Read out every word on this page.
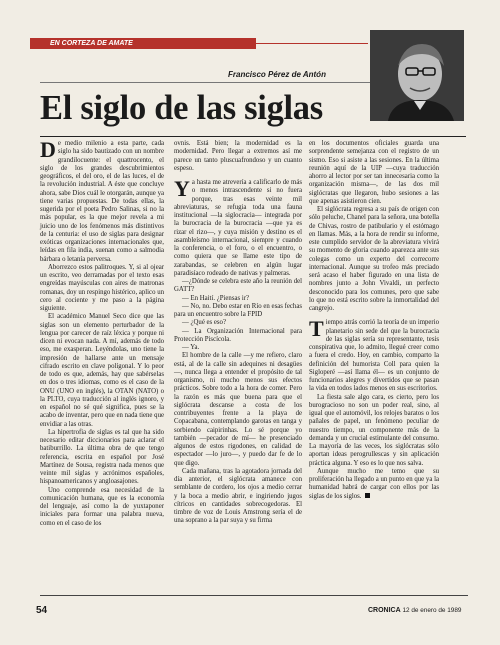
EN CORTEZA DE AMATE
Francisco Pérez de Antón
El siglo de las siglas

De medio milenio a esta parte, cada siglo ha sido bautizado con un nombre grandilocuente: el quattrocento, el siglo de los grandes descubrimientos geográficos, el del oro, el de las luces, el de la revolución industrial. A éste que concluye ahora, sabe Dios cuál le otorgarán, aunque ya tiene varias propuestas. De todas ellas, la sugerida por el poeta Pedro Salinas, si no la más popular, es la que mejor revela a mi juicio uno de los fenómenos más distintivos de la centuria: el uso de siglas para designar exóticas organizaciones internacionales que, leídas en fila india, suenan como a salmodia bárbara o letanía perversa.

Aborrezco estos palitroques. Y, si al ojear un escrito, veo derramadas por el texto esas engreídas mayúsculas con aires de matronas romanas, doy un respingo histérico, aplico un cero al cociente y me paso a la página siguiente.

El académico Manuel Seco dice que las siglas son un elemento perturbador de la lengua por carecer de raíz léxica y porque ni dicen ni evocan nada. A mí, además de todo eso, me exasperan. Leyéndolas, uno tiene la impresión de hallarse ante un mensaje cifrado escrito en clave polígonal. Y lo peor de todo es que, además, hay que sabérselas en dos o tres idiomas, como es el caso de la ONU (UNO en inglés), la OTAN (NATO) o la PLTO, cuya traducción al inglés ignoro, y en español no sé qué significa, pues se la acabo de inventar, pero que en nada tiene que envidiar a las otras.

La hipertrofia de siglas es tal que ha sido necesario editar diccionarios para aclarar el batiburrillo. La última obra de que tengo referencia, escrita en español por José Martínez de Sousa, registra nada menos que veinte mil siglas y acrónimos españoles, hispanoamericanos y angloasajones.

Uno comprende esa necesidad de la comunicación humana, que es la economía del lenguaje, así como la de yuxtaponer iniciales para formar una palabra nueva, como en el caso de los

ovnis. Está bien; la modernidad es la modernidad. Pero llegar a extremos así me parece un tanto pluscuafrondoso y un cuanto espeso.

Ya hasta me atrevería a calificarlo de más o menos intrascendente si no fuera porque, tras esas veinte mil abreviaturas, se refugia toda una fauna institucional —la siglocracia— integrada por la burocracia de la burocracia —que ya es rizar el rizo—, y cuya misión y destino es el asambleísmo internacional, siempre y cuando la conferencia, o el foro, o el encuentro, o como quiera que se llame este tipo de zarabandas, se celebren en algún lugar paradisíaco rodeado de nativas y palmeras.

—¿Dónde se celebra este año la reunión del GATT?

— En Haití. ¿Piensas ir?

— No, no. Debo estar en Río en esas fechas para un encuentro sobre la FPID

— ¿Qué es eso?

— La Organización Internacional para Protección Piscícola.

— Ya.

El hombre de la calle —y me refiero, claro está, al de la calle sin adequines ni desagües—, nunca llega a entender el propósito de tal organismo, ni mucho menos sus efectos prácticos. Sobre todo a la hora de comer. Pero la razón es más que buena para que el siglócrata descanse a costa de los contribuyentes frente a la playa de Copacabana, contemplando garotas en tanga y sorbiendo caipirinhas. Lo sé porque yo también —pecador de mí— he presenciado algunos de estos rigodones, en calidad de espectador —lo juro—, y puedo dar fe de lo que digo.

Cada mañana, tras la agotadora jornada del día anterior, el siglócrata amanece con semblante de cordero, los ojos a medio cerrar y la boca a medio abrir, e ingiriendo jugos cítricos en cantidades sobrecogedoras. El timbre de voz de Louis Amstrong sería el de una soprano a la par suya y su firma

en los documentos oficiales guarda una sorprendente semejanza con el registro de un sismo. Eso si asiste a las sesiones. En la última reunión aquí de la UIP —cuya traducción ahorro al lector por ser tan innecesaria como la organización misma—, de las dos mil siglócratas que llegaron, hubo sesiones a las que apenas asistieron cien.

El siglócrata regresa a su país de origen con sólo peluche, Chanel para la señora, una botella de Chivas, rostro de patibulario y el estómago en llamas. Más, a la hora de rendir su informe, este cumplido servidor de la abreviatura vivirá su momento de gloria cuando aparezca ante sus colegas como un experto del correcorre internacional. Aunque su trofeo más preciado será acaso el haber figurado en una lista de nombres junto a John Vivaldi, un perfecto desconocido para los comunes, pero que sabe lo que no está escrito sobre la inmortalidad del cangrejo.

Tiempo atrás corrió la teoría de un imperio planetario sin sede del que la burocracia de las siglas sería su representante, tesis conspirativa que, lo admito, llegué creer como a fuera el credo. Hoy, en cambio, comparto la definición del humorista Coll para quien la Sigloperé —así llama él— es un conjunto de funcionarios alegres y divertidos que se pasan la vida en todos lados menos en sus escritorios.

La fiesta sale algo cara, es cierto, pero los burogracioso no son un poder real, sino, al igual que el automóvil, los relojes baratos o los pañales de papel, un fenómeno peculiar de nuestro tiempo, un componente más de la demanda y un crucial estimulante del consumo. La mayoría de las veces, los siglócratas sólo aportan ideas perogrullescas y sin aplicación práctica alguna. Y eso es lo que nos salva.

Aunque mucho me temo que su proliferación ha llegado a un punto en que ya la humanidad habrá de cargar con ellos por las siglas de los siglos.

54	CRONICA 12 de enero de 1989
